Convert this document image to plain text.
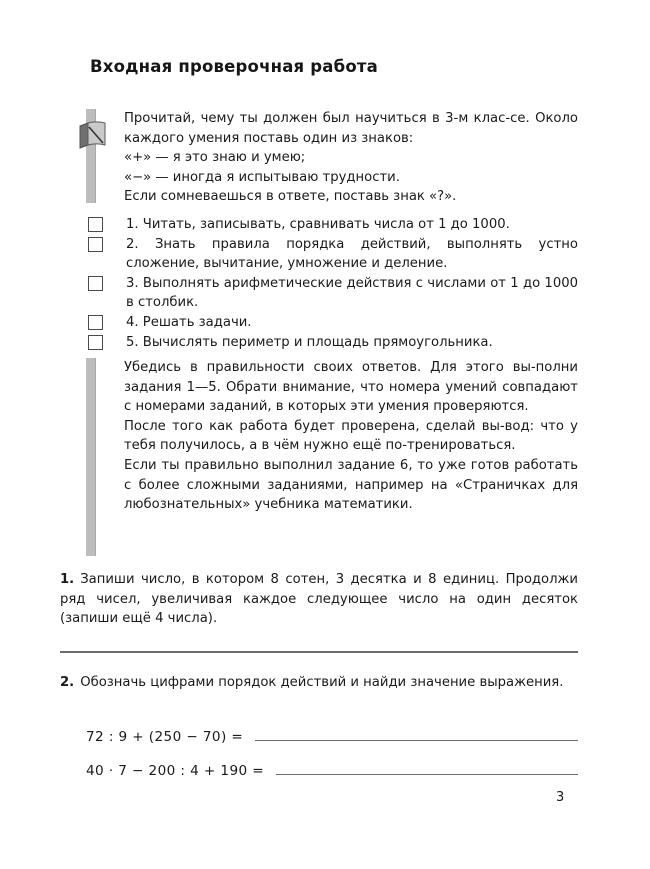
Входная проверочная работа

Прочитай, чему ты должен был научиться в 3-м клас-се. Около каждого умения поставь один из знаков:

«+» — я это знаю и умею;

«−» — иногда я испытываю трудности.

Если сомневаешься в ответе, поставь знак «?».

1. Читать, записывать, сравнивать числа от 1 до 1000.
2. Знать правила порядка действий, выполнять устно сложение, вычитание, умножение и деление.
3. Выполнять арифметические действия с числами от 1 до 1000 в столбик.
4. Решать задачи.
5. Вычислять периметр и площадь прямоугольника.

Убедись в правильности своих ответов. Для этого вы-полни задания 1—5. Обрати внимание, что номера умений совпадают с номерами заданий, в которых эти умения проверяются.

После того как работа будет проверена, сделай вы-вод: что у тебя получилось, а в чём нужно ещё по-тренироваться.

Если ты правильно выполнил задание 6, то уже готов работать с более сложными заданиями, например на «Страничках для любознательных» учебника математики.

1. Запиши число, в котором 8 сотен, 3 десятка и 8 единиц. Продолжи ряд чисел, увеличивая каждое следующее число на один десяток (запиши ещё 4 числа).
2. Обозначь цифрами порядок действий и найди значение выражения.
72 : 9 + (250 − 70) =
40 · 7 − 200 : 4 + 190 =
3
